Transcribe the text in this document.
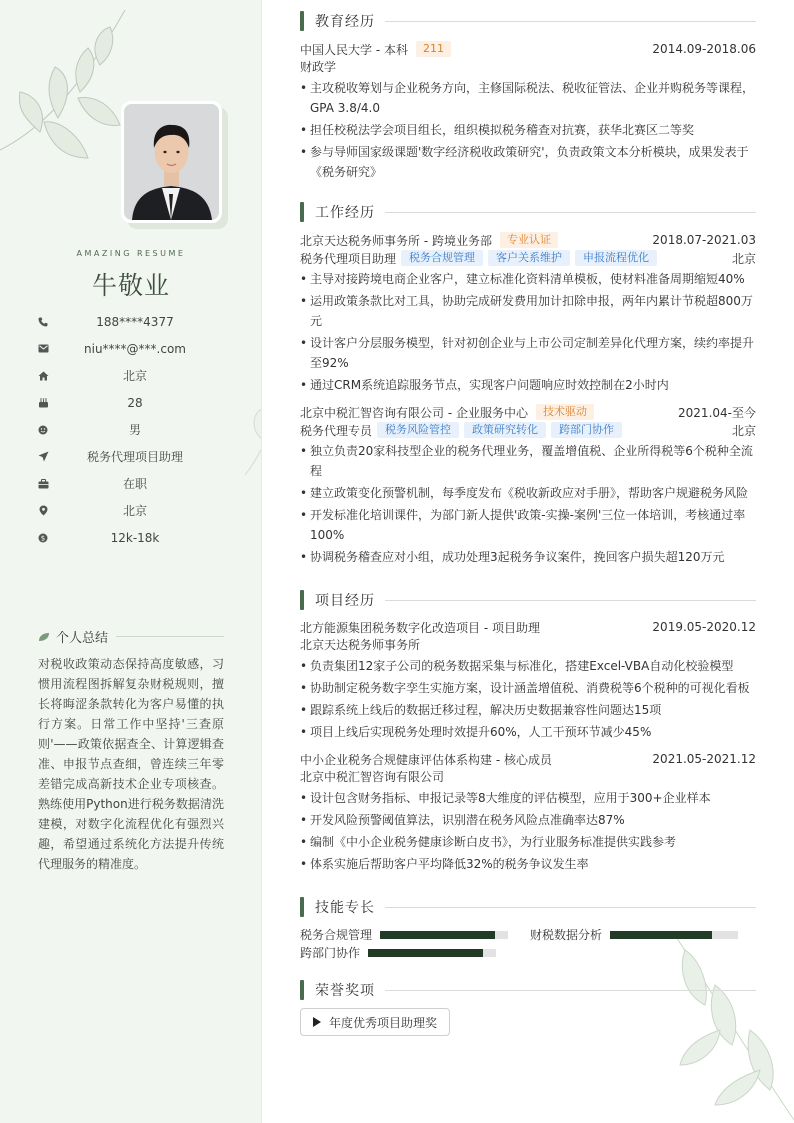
AMAZING RESUME
牛敬业
188****4377
niu****@***.com
北京
28
男
税务代理项目助理
在职
北京
$	12k-18k
个人总结
对税收政策动态保持高度敏感，习惯用流程图拆解复杂财税规则，擅长将晦涩条款转化为客户易懂的执行方案。日常工作中坚持'三查原则'——政策依据查全、计算逻辑查准、申报节点查细，曾连续三年零差错完成高新技术企业专项核查。熟练使用Python进行税务数据清洗建模，对数字化流程优化有强烈兴趣，希望通过系统化方法提升传统代理服务的精准度。
教育经历
中国人民大学 - 本科	211	2014.09-2018.06
财政学
• 主攻税收筹划与企业税务方向，主修国际税法、税收征管法、企业并购税务等课程，GPA 3.8/4.0
• 担任校税法学会项目组长，组织模拟税务稽查对抗赛，获华北赛区二等奖
• 参与导师国家级课题'数字经济税收政策研究'，负责政策文本分析模块，成果发表于《税务研究》
工作经历
北京天达税务师事务所 - 跨境业务部	专业认证	2018.07-2021.03
税务代理项目助理	税务合规管理	客户关系维护	申报流程优化	北京
• 主导对接跨境电商企业客户，建立标准化资料清单模板，使材料准备周期缩短40%
• 运用政策条款比对工具，协助完成研发费用加计扣除申报，两年内累计节税超800万元
• 设计客户分层服务模型，针对初创企业与上市公司定制差异化代理方案，续约率提升至92%
• 通过CRM系统追踪服务节点，实现客户问题响应时效控制在2小时内
北京中税汇智咨询有限公司 - 企业服务中心	技术驱动	2021.04-至今
税务代理专员	税务风险管控	政策研究转化	跨部门协作	北京
• 独立负责20家科技型企业的税务代理业务，覆盖增值税、企业所得税等6个税种全流程
• 建立政策变化预警机制，每季度发布《税收新政应对手册》，帮助客户规避税务风险
• 开发标准化培训课件，为部门新人提供'政策-实操-案例'三位一体培训，考核通过率100%
• 协调税务稽查应对小组，成功处理3起税务争议案件，挽回客户损失超120万元
项目经历
北方能源集团税务数字化改造项目 - 项目助理	2019.05-2020.12
北京天达税务师事务所
• 负责集团12家子公司的税务数据采集与标准化，搭建Excel-VBA自动化校验模型
• 协助制定税务数字孪生实施方案，设计涵盖增值税、消费税等6个税种的可视化看板
• 跟踪系统上线后的数据迁移过程，解决历史数据兼容性问题达15项
• 项目上线后实现税务处理时效提升60%，人工干预环节减少45%
中小企业税务合规健康评估体系构建 - 核心成员	2021.05-2021.12
北京中税汇智咨询有限公司
• 设计包含财务指标、申报记录等8大维度的评估模型，应用于300+企业样本
• 开发风险预警阈值算法，识别潜在税务风险点准确率达87%
• 编制《中小企业税务健康诊断白皮书》，为行业服务标准提供实践参考
• 体系实施后帮助客户平均降低32%的税务争议发生率
技能专长
税务合规管理	财税数据分析
跨部门协作
荣誉奖项
年度优秀项目助理奖
